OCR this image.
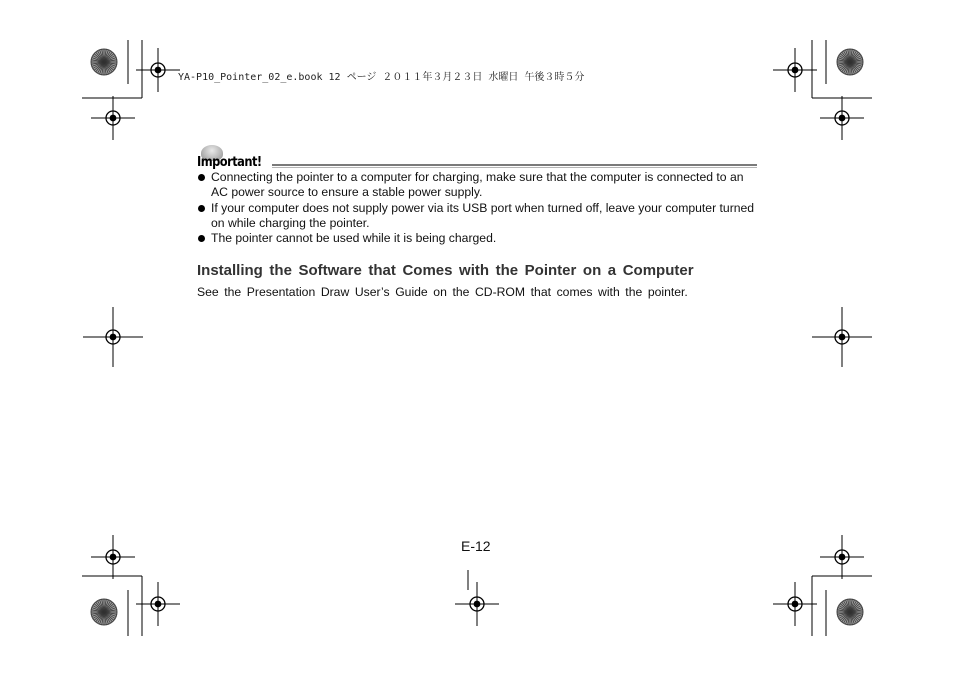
YA-P10_Pointer_02_e.book 12 ページ ２０１１年３月２３日 水曜日 午後３時５分
Important!
Connecting the pointer to a computer for charging, make sure that the computer is connected to an AC power source to ensure a stable power supply.
If your computer does not supply power via its USB port when turned off, leave your computer turned on while charging the pointer.
The pointer cannot be used while it is being charged.
Installing the Software that Comes with the Pointer on a Computer
See the Presentation Draw User’s Guide on the CD-ROM that comes with the pointer.
E-12
